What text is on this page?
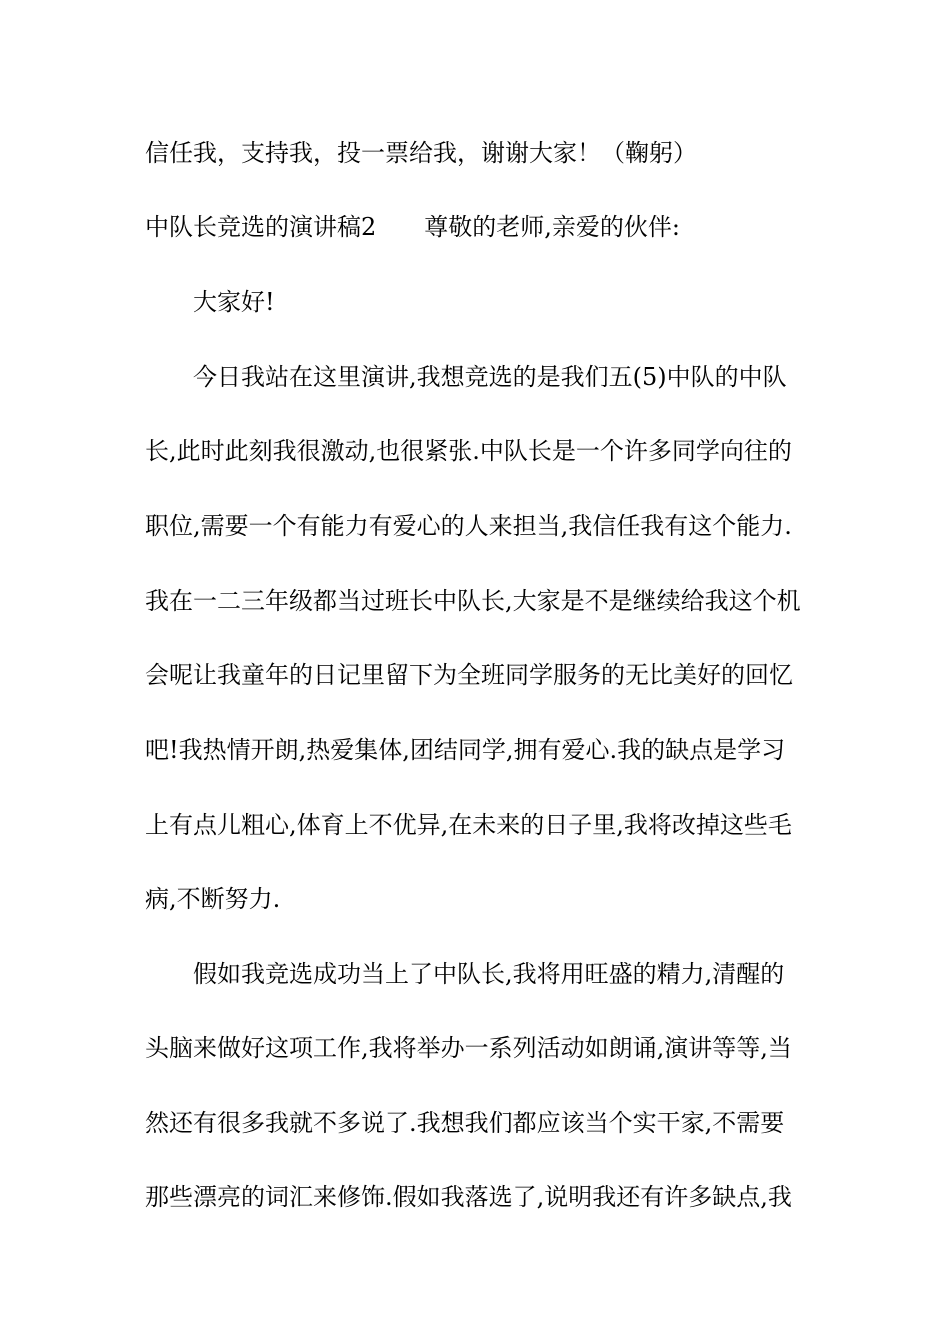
信任我，支持我，投一票给我，谢谢大家！（鞠躬）
中队长竞选的演讲稿2 尊敬的老师,亲爱的伙伴:
大家好!
今日我站在这里演讲,我想竞选的是我们五(5)中队的中队
长,此时此刻我很激动,也很紧张.中队长是一个许多同学向往的
职位,需要一个有能力有爱心的人来担当,我信任我有这个能力.
我在一二三年级都当过班长中队长,大家是不是继续给我这个机
会呢让我童年的日记里留下为全班同学服务的无比美好的回忆
吧!我热情开朗,热爱集体,团结同学,拥有爱心.我的缺点是学习
上有点儿粗心,体育上不优异,在未来的日子里,我将改掉这些毛
病,不断努力.
假如我竞选成功当上了中队长,我将用旺盛的精力,清醒的
头脑来做好这项工作,我将举办一系列活动如朗诵,演讲等等,当
然还有很多我就不多说了.我想我们都应该当个实干家,不需要
那些漂亮的词汇来修饰.假如我落选了,说明我还有许多缺点,我
